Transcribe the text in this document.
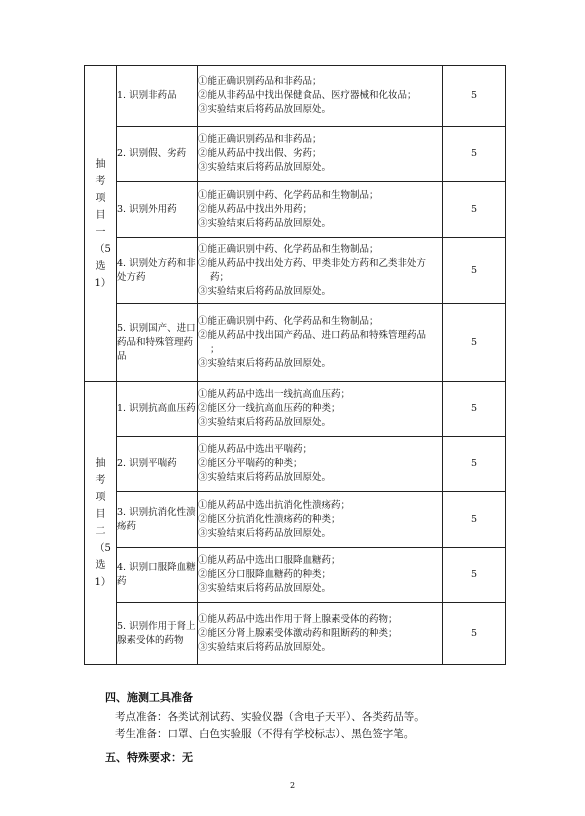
抽考项目一（5选1）	1. 识别非药品	①能正确识别药品和非药品；
②能从非药品中找出保健食品、医疗器械和化妆品；
③实验结束后将药品放回原处。	5
	2. 识别假、劣药	①能正确识别药品和非药品；
②能从药品中找出假、劣药；
③实验结束后将药品放回原处。	5
	3. 识别外用药	①能正确识别中药、化学药品和生物制品；
②能从药品中找出外用药；
③实验结束后将药品放回原处。	5
	4. 识别处方药和非处方药	①能正确识别中药、化学药品和生物制品；
②能从药品中找出处方药、甲类非处方药和乙类非处方
药；
③实验结束后将药品放回原处。	5
	5. 识别国产、进口药品和特殊管理药品	①能正确识别中药、化学药品和生物制品；
②能从药品中找出国产药品、进口药品和特殊管理药品
；
③实验结束后将药品放回原处。	5
抽考项目二（5选1）	1. 识别抗高血压药	①能从药品中选出一线抗高血压药；
②能区分一线抗高血压药的种类；
③实验结束后将药品放回原处。	5
	2. 识别平喘药	①能从药品中选出平喘药；
②能区分平喘药的种类；
③实验结束后将药品放回原处。	5
	3. 识别抗消化性溃疡药	①能从药品中选出抗消化性溃疡药；
②能区分抗消化性溃疡药的种类；
③实验结束后将药品放回原处。	5
	4. 识别口服降血糖药	①能从药品中选出口服降血糖药；
②能区分口服降血糖药的种类；
③实验结束后将药品放回原处。	5
	5. 识别作用于肾上腺素受体的药物	①能从药品中选出作用于肾上腺素受体的药物；
②能区分肾上腺素受体激动药和阻断药的种类；
③实验结束后将药品放回原处。	5
四、施测工具准备
考点准备：各类试剂试药、实验仪器（含电子天平）、各类药品等。
考生准备：口罩、白色实验服（不得有学校标志）、黑色签字笔。
五、特殊要求：无
2
